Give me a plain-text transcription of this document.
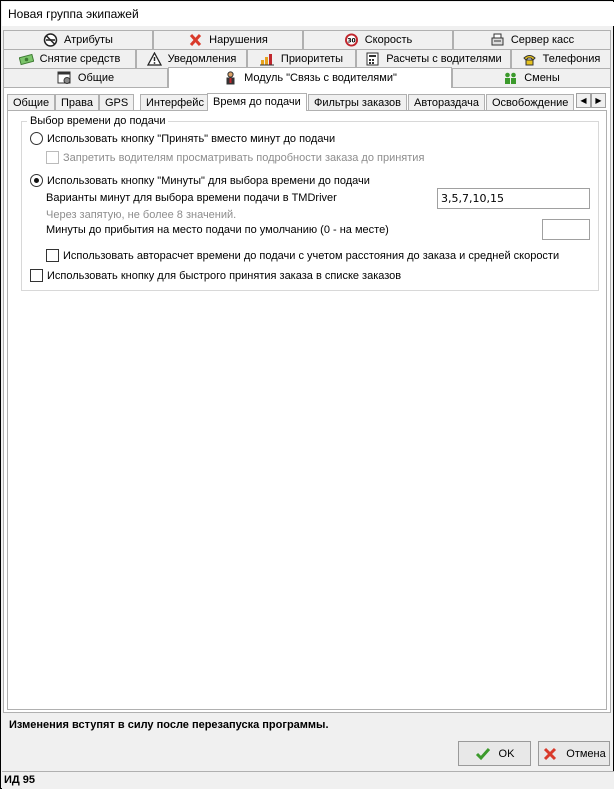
Новая группа экипажей
Атрибуты	Нарушения	30 Скорость	Сервер касс
Снятие средств	Уведомления	Приоритеты	Расчеты с водителями	Телефония
Общие	Модуль "Связь с водителями"	Смены
Общие	Права	GPS	Интерфейс Время до подачи	Фильтры заказов	Автораздача	Освобождение	◀ ▶
Выбор времени до подачи
Использовать кнопку "Принять" вместо минут до подачи
Запретить водителям просматривать подробности заказа до принятия
Использовать кнопку "Минуты" для выбора времени до подачи
Варианты минут для выбора времени подачи в TMDriver	3,5,7,10,15
Через запятую, не более 8 значений.
Минуты до прибытия на место подачи по умолчанию (0 - на месте)
Использовать авторасчет времени до подачи с учетом расстояния до заказа и средней скорости
Использовать кнопку для быстрого принятия заказа в списке заказов
Изменения вступят в силу после перезапуска программы.
OK	Отмена
ИД 95
